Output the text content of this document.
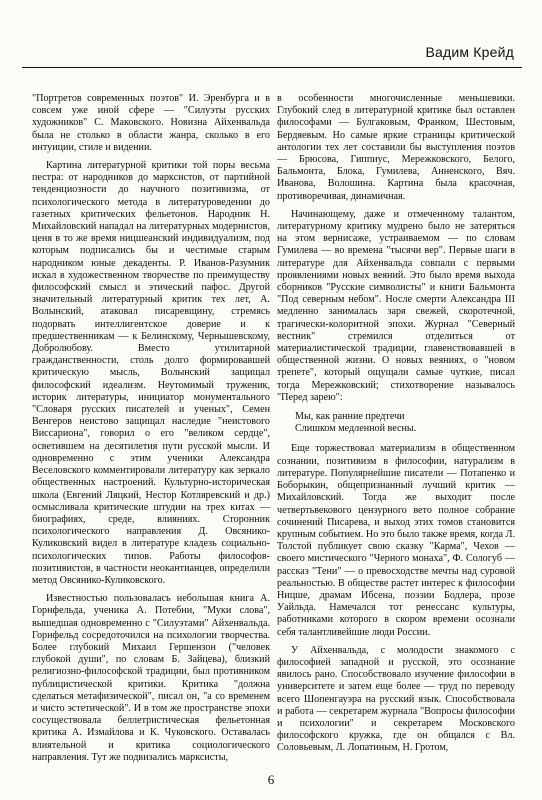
Вадим Крейд

"Портретов современных поэтов" И. Эренбурга и в совсем уже иной сфере — "Силуэты русских художников" С. Маковского. Новизна Айхенвальда была не столько в области жанра, сколько в его интуиции, стиле и видении.

Картина литературной критики той поры весьма пестра: от народников до марксистов, от партийной тенденциозности до научного позитивизма, от психологического метода в литературоведении до газетных критических фельетонов. Народник Н. Михайловский нападал на литературных модернистов, ценя в то же время ницшеанский индивидуализм, под которым подписались бы и честимые старым народником юные декаденты. Р. Иванов-Разумник искал в художественном творчестве по преимуществу философский смысл и этический пафос. Другой значительный литературный критик тех лет, А. Волынский, атаковал писаревщину, стремясь подорвать интеллигентское доверие и к предшественникам — к Белинскому, Чернышевскому, Добролюбову. Вместо утилитарной гражданственности, столь долго формировавшей критическую мысль, Волынский защищал философский идеализм. Неутомимый труженик, историк литературы, инициатор монументального "Словаря русских писателей и ученых", Семен Венгеров неистово защищал наследие "неистового Виссариона", говорил о его "великом сердце", осветившем на десятилетия пути русской мысли. И одновременно с этим ученики Александра Веселовского комментировали литературу как зеркало общественных настроений. Культурно-историческая школа (Евгений Ляцкий, Нестор Котляревский и др.) осмысливала критические штудии на трех китах — биографиях, среде, влияниях. Сторонник психологического направления Д. Овсянико-Куликовский видел в литературе кладезь социально-психологических типов. Работы философов-позитивистов, в частности неокантианцев, определили метод Овсянико-Куликовского.

Известностью пользовалась небольшая книга А. Горнфельда, ученика А. Потебни, "Муки слова", вышедшая одновременно с "Силуэтами" Айхенвальда. Горнфельд сосредоточился на психологии творчества. Более глубокий Михаил Гершензон ("человек глубокой души", по словам Б. Зайцева), близкий религиозно-философской традиции, был противником публицистической критики. Критика "должна сделаться метафизической", писал он, "а со временем и чисто эстетической". И в том же пространстве эпохи сосуществовала беллетристическая фельетонная критика А. Измайлова и К. Чуковского. Оставалась влиятельной и критика социологического направления. Тут же подвизались марксисты,

в особенности многочисленные меньшевики. Глубокий след в литературной критике был оставлен философами — Булгаковым, Франком, Шестовым, Бердяевым. Но самые яркие страницы критической антологии тех лет составили бы выступления поэтов — Брюсова, Гиппиус, Мережковского, Белого, Бальмонта, Блока, Гумилева, Анненского, Вяч. Иванова, Волошина. Картина была красочная, противоречивая, динамичная.

Начинающему, даже и отмеченному талантом, литературному критику мудрено было не затеряться на этом вернисаже, устраиваемом — по словам Гумилева — во времена "тысячи вер". Первые шаги в литературе для Айхенвальда совпали с первыми проявлениями новых веяний. Это было время выхода сборников "Русские символисты" и книги Бальмонта "Под северным небом". Носле смерти Александра III медленно занималась заря свежей, скоротечной, трагически-колоритной эпохи. Журнал "Северный вестник" стремился отделиться от материалистической традиции, главенствовавшей в общественной жизни. О новых веяниях, о "новом трепете", который ощущали самые чуткие, писал тогда Мережковский; стихотворение называлось "Перед зарею":

Мы, как ранние предтечи
Слишком медленной весны.

Еще торжествовал материализм в общественном сознании, позитивизм в философии, натурализм в литературе. Популярнейшие писатели — Потапенко и Боборыкин, общепризнанный лучший критик — Михайловский. Тогда же выходит после четвертьвекового цензурного вето полное собрание сочинений Писарева, и выход этих томов становится крупным событием. Но это было также время, когда Л. Толстой публикует свою сказку "Карма", Чехов — своего мистического "Черного монаха", Ф. Сологуб — рассказ "Тени" — о превосходстве мечты над суровой реальностью. В обществе растет интерес к философии Ницше, драмам Ибсена, поэзии Бодлера, прозе Уайльда. Намечался тот ренессанс культуры, работниками которого в скором времени осознали себя талантливейшие люди России.

У Айхенвальда, с молодости знакомого с философией западной и русской, это осознание явилось рано. Способствовало изучение философии в университете и затем еще более — труд по переводу всего Шопенгауэра на русский язык. Способствовала и работа — секретарем журнала "Вопросы философии и психологии" и секретарем Московского философского кружка, где он общался с Вл. Соловьевым, Л. Лопатиным, Н. Гротом,

6
